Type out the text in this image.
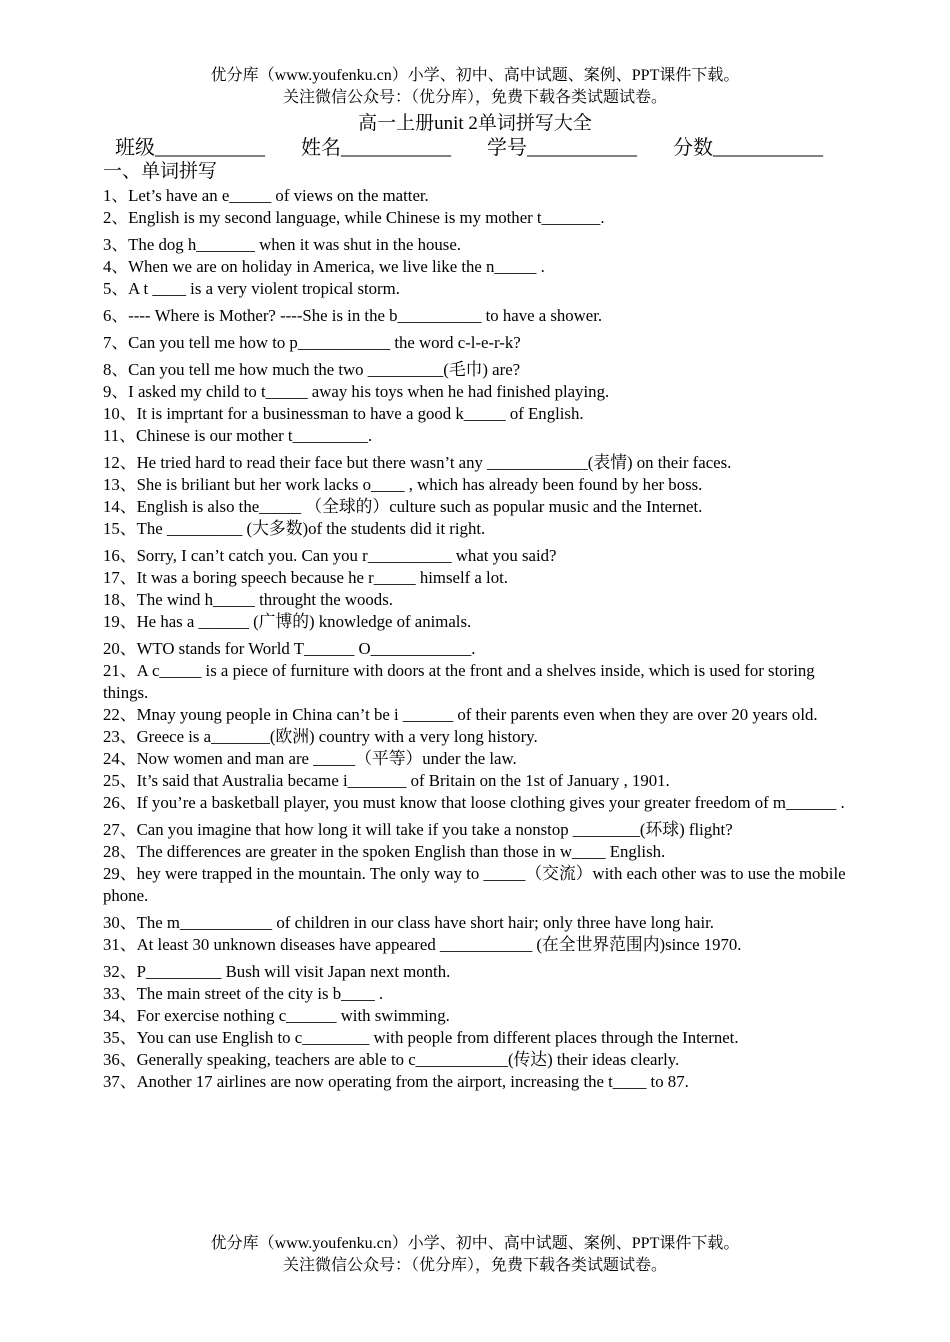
优分库（www.youfenku.cn）小学、初中、高中试题、案例、PPT课件下载。
关注微信公众号：（优分库），免费下载各类试题试卷。
高一上册unit 2单词拼写大全
班级___________ 姓名___________ 学号___________ 分数___________
一、单词拼写

1、Let’s have an e_____ of views on the matter.

2、English is my second language, while Chinese is my mother t_______.

3、The dog h_______ when it was shut in the house.

4、When we are on holiday in America, we live like the n_____ .

5、A t ____ is a very violent tropical storm.

6、---- Where is Mother? ----She is in the b__________ to have a shower.

7、Can you tell me how to p___________ the word c-l-e-r-k?

8、Can you tell me how much the two _________(毛巾) are?

9、I asked my child to t_____ away his toys when he had finished playing.

10、It is imprtant for a businessman to have a good k_____ of English.

11、Chinese is our mother t_________.

12、He tried hard to read their face but there wasn’t any ____________(表情) on their faces.

13、She is briliant but her work lacks o____ , which has already been found by her boss.

14、English is also the_____ （全球的）culture such as popular music and the Internet.

15、The _________ (大多数)of the students did it right.

16、Sorry, I can’t catch you. Can you r__________ what you said?

17、It was a boring speech because he r_____ himself a lot.

18、The wind h_____ throught the woods.

19、He has a ______ (广博的) knowledge of animals.

20、WTO stands for World T______ O____________.

21、A c_____ is a piece of furniture with doors at the front and a shelves inside, which is used for storing things.

22、Mnay young people in China can’t be i ______ of their parents even when they are over 20 years old.

23、Greece is a_______(欧洲) country with a very long history.

24、Now women and man are _____（平等）under the law.

25、It’s said that Australia became i_______ of Britain on the 1st of January , 1901.

26、If you’re a basketball player, you must know that loose clothing gives your greater freedom of m______ .

27、Can you imagine that how long it will take if you take a nonstop ________(环球) flight?

28、The differences are greater in the spoken English than those in w____ English.

29、hey were trapped in the mountain. The only way to _____（交流）with each other was to use the mobile phone.

30、The m___________ of children in our class have short hair; only three have long hair.

31、At least 30 unknown diseases have appeared ___________ (在全世界范围内)since 1970.

32、P_________ Bush will visit Japan next month.

33、The main street of the city is b____ .

34、For exercise nothing c______ with swimming.

35、You can use English to c________ with people from different places through the Internet.

36、Generally speaking, teachers are able to c___________(传达) their ideas clearly.

37、Another 17 airlines are now operating from the airport, increasing the t____ to 87.

优分库（www.youfenku.cn）小学、初中、高中试题、案例、PPT课件下载。
关注微信公众号：（优分库），免费下载各类试题试卷。
